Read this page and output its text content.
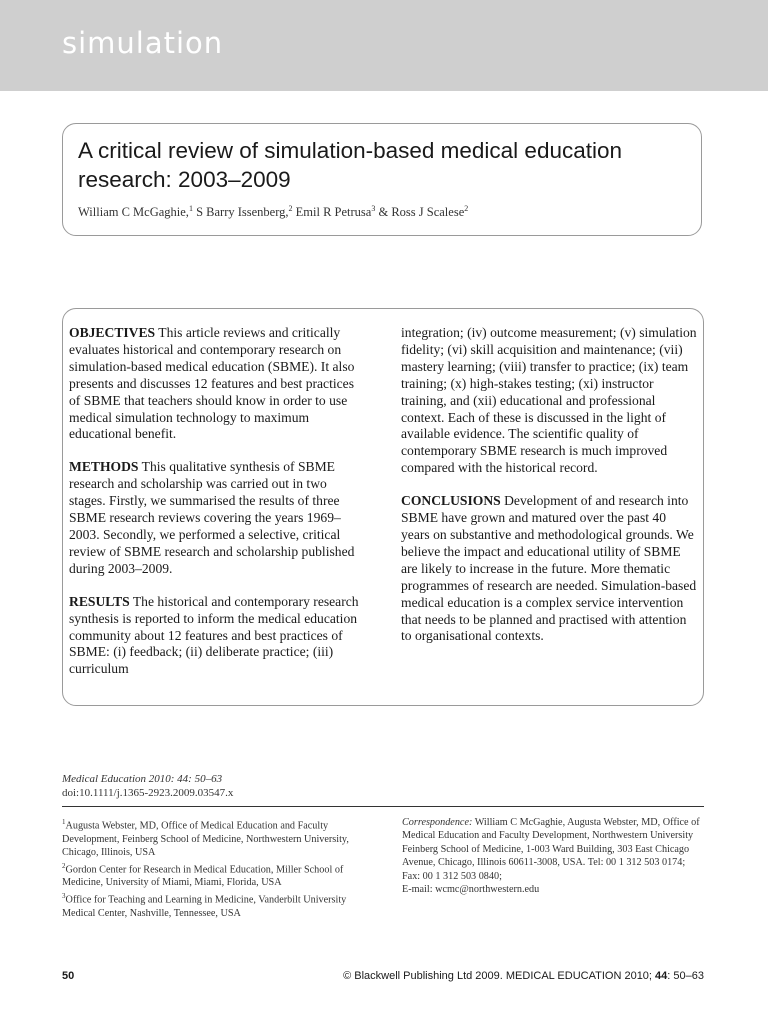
simulation
A critical review of simulation-based medical education research: 2003–2009
William C McGaghie,$^1$ S Barry Issenberg,$^2$ Emil R Petrusa$^3$ & Ross J Scalese$^2$

OBJECTIVES This article reviews and critically evaluates historical and contemporary research on simulation-based medical education (SBME). It also presents and discusses 12 features and best practices of SBME that teachers should know in order to use medical simulation technology to maximum educational benefit.

METHODS This qualitative synthesis of SBME research and scholarship was carried out in two stages. Firstly, we summarised the results of three SBME research reviews covering the years 1969–2003. Secondly, we performed a selective, critical review of SBME research and scholarship published during 2003–2009.

RESULTS The historical and contemporary research synthesis is reported to inform the medical education community about 12 features and best practices of SBME: (i) feedback; (ii) deliberate practice; (iii) curriculum

integration; (iv) outcome measurement; (v) simulation fidelity; (vi) skill acquisition and maintenance; (vii) mastery learning; (viii) transfer to practice; (ix) team training; (x) high-stakes testing; (xi) instructor training, and (xii) educational and professional context. Each of these is discussed in the light of available evidence. The scientific quality of contemporary SBME research is much improved compared with the historical record.

CONCLUSIONS Development of and research into SBME have grown and matured over the past 40 years on substantive and methodological grounds. We believe the impact and educational utility of SBME are likely to increase in the future. More thematic programmes of research are needed. Simulation-based medical education is a complex service intervention that needs to be planned and practised with attention to organisational contexts.

Medical Education 2010: 44: 50–63
doi:10.1111/j.1365-2923.2009.03547.x
$^1$Augusta Webster, MD, Office of Medical Education and Faculty Development, Feinberg School of Medicine, Northwestern University, Chicago, Illinois, USA
$^2$Gordon Center for Research in Medical Education, Miller School of Medicine, University of Miami, Miami, Florida, USA
$^3$Office for Teaching and Learning in Medicine, Vanderbilt University Medical Center, Nashville, Tennessee, USA
Correspondence: William C McGaghie, Augusta Webster, MD, Office of Medical Education and Faculty Development, Northwestern University Feinberg School of Medicine, 1-003 Ward Building, 303 East Chicago Avenue, Chicago, Illinois 60611-3008, USA. Tel: 00 1 312 503 0174; Fax: 00 1 312 503 0840;
E-mail: wcmc@northwestern.edu
50	© Blackwell Publishing Ltd 2009. MEDICAL EDUCATION 2010; 44: 50–63
